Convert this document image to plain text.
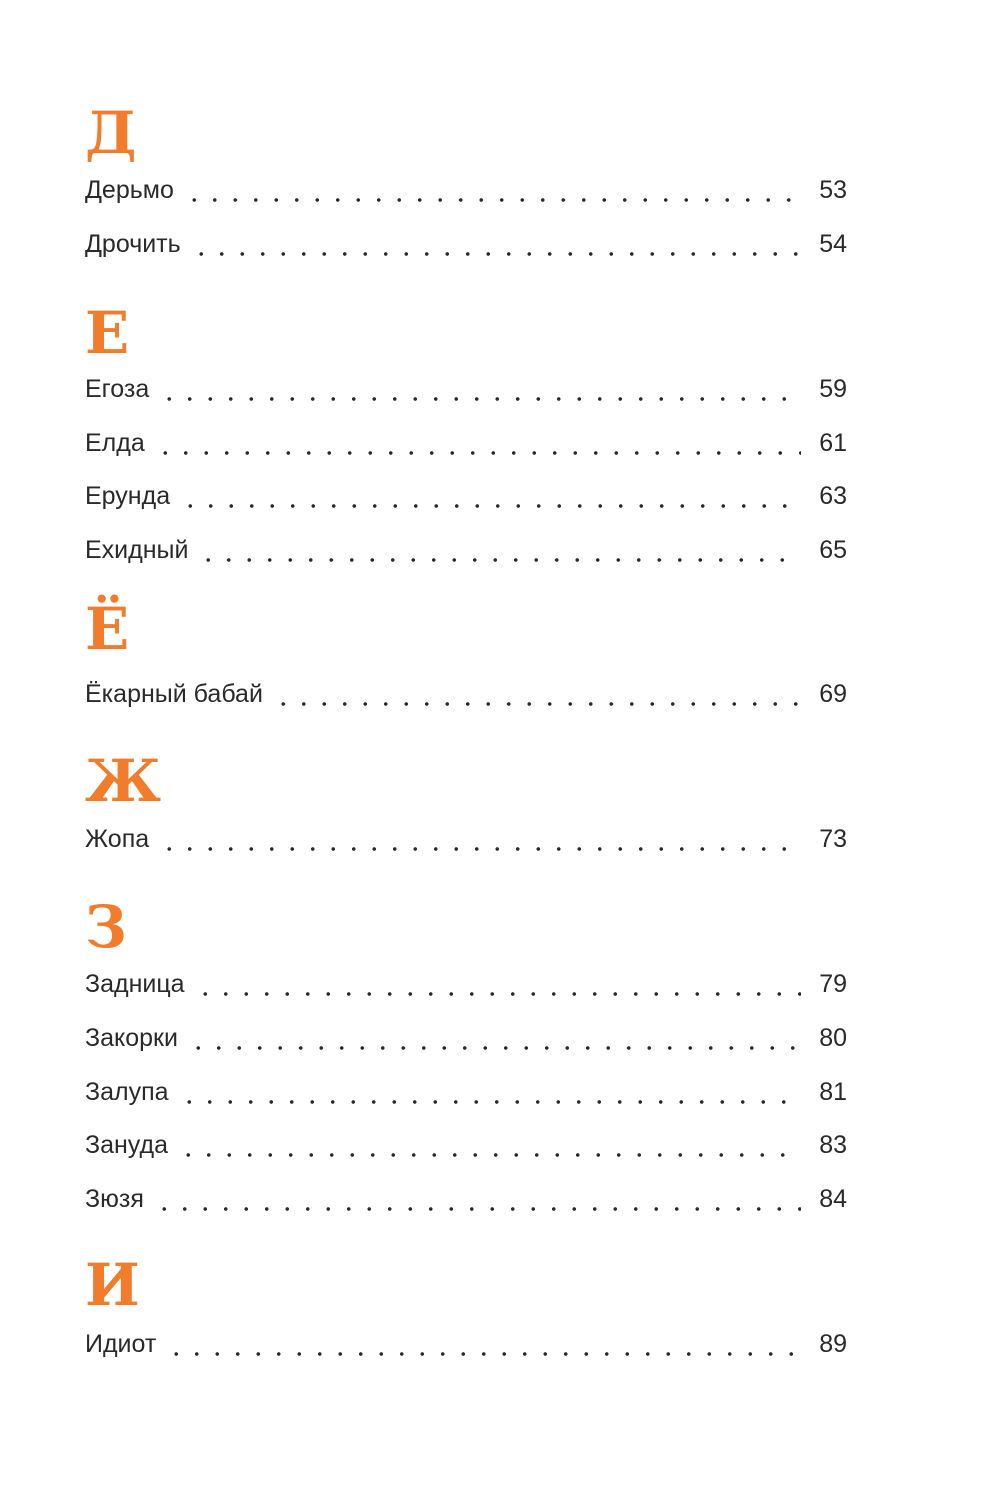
Д
Дерьмо	53
Дрочить	54
Е
Егоза	59
Елда	61
Ерунда	63
Ехидный	65
Ё
Ёкарный бабай	69
Ж
Жопа	73
З
Задница	79
Закорки	80
Залупа	81
Зануда	83
Зюзя	84
И
Идиот	89
